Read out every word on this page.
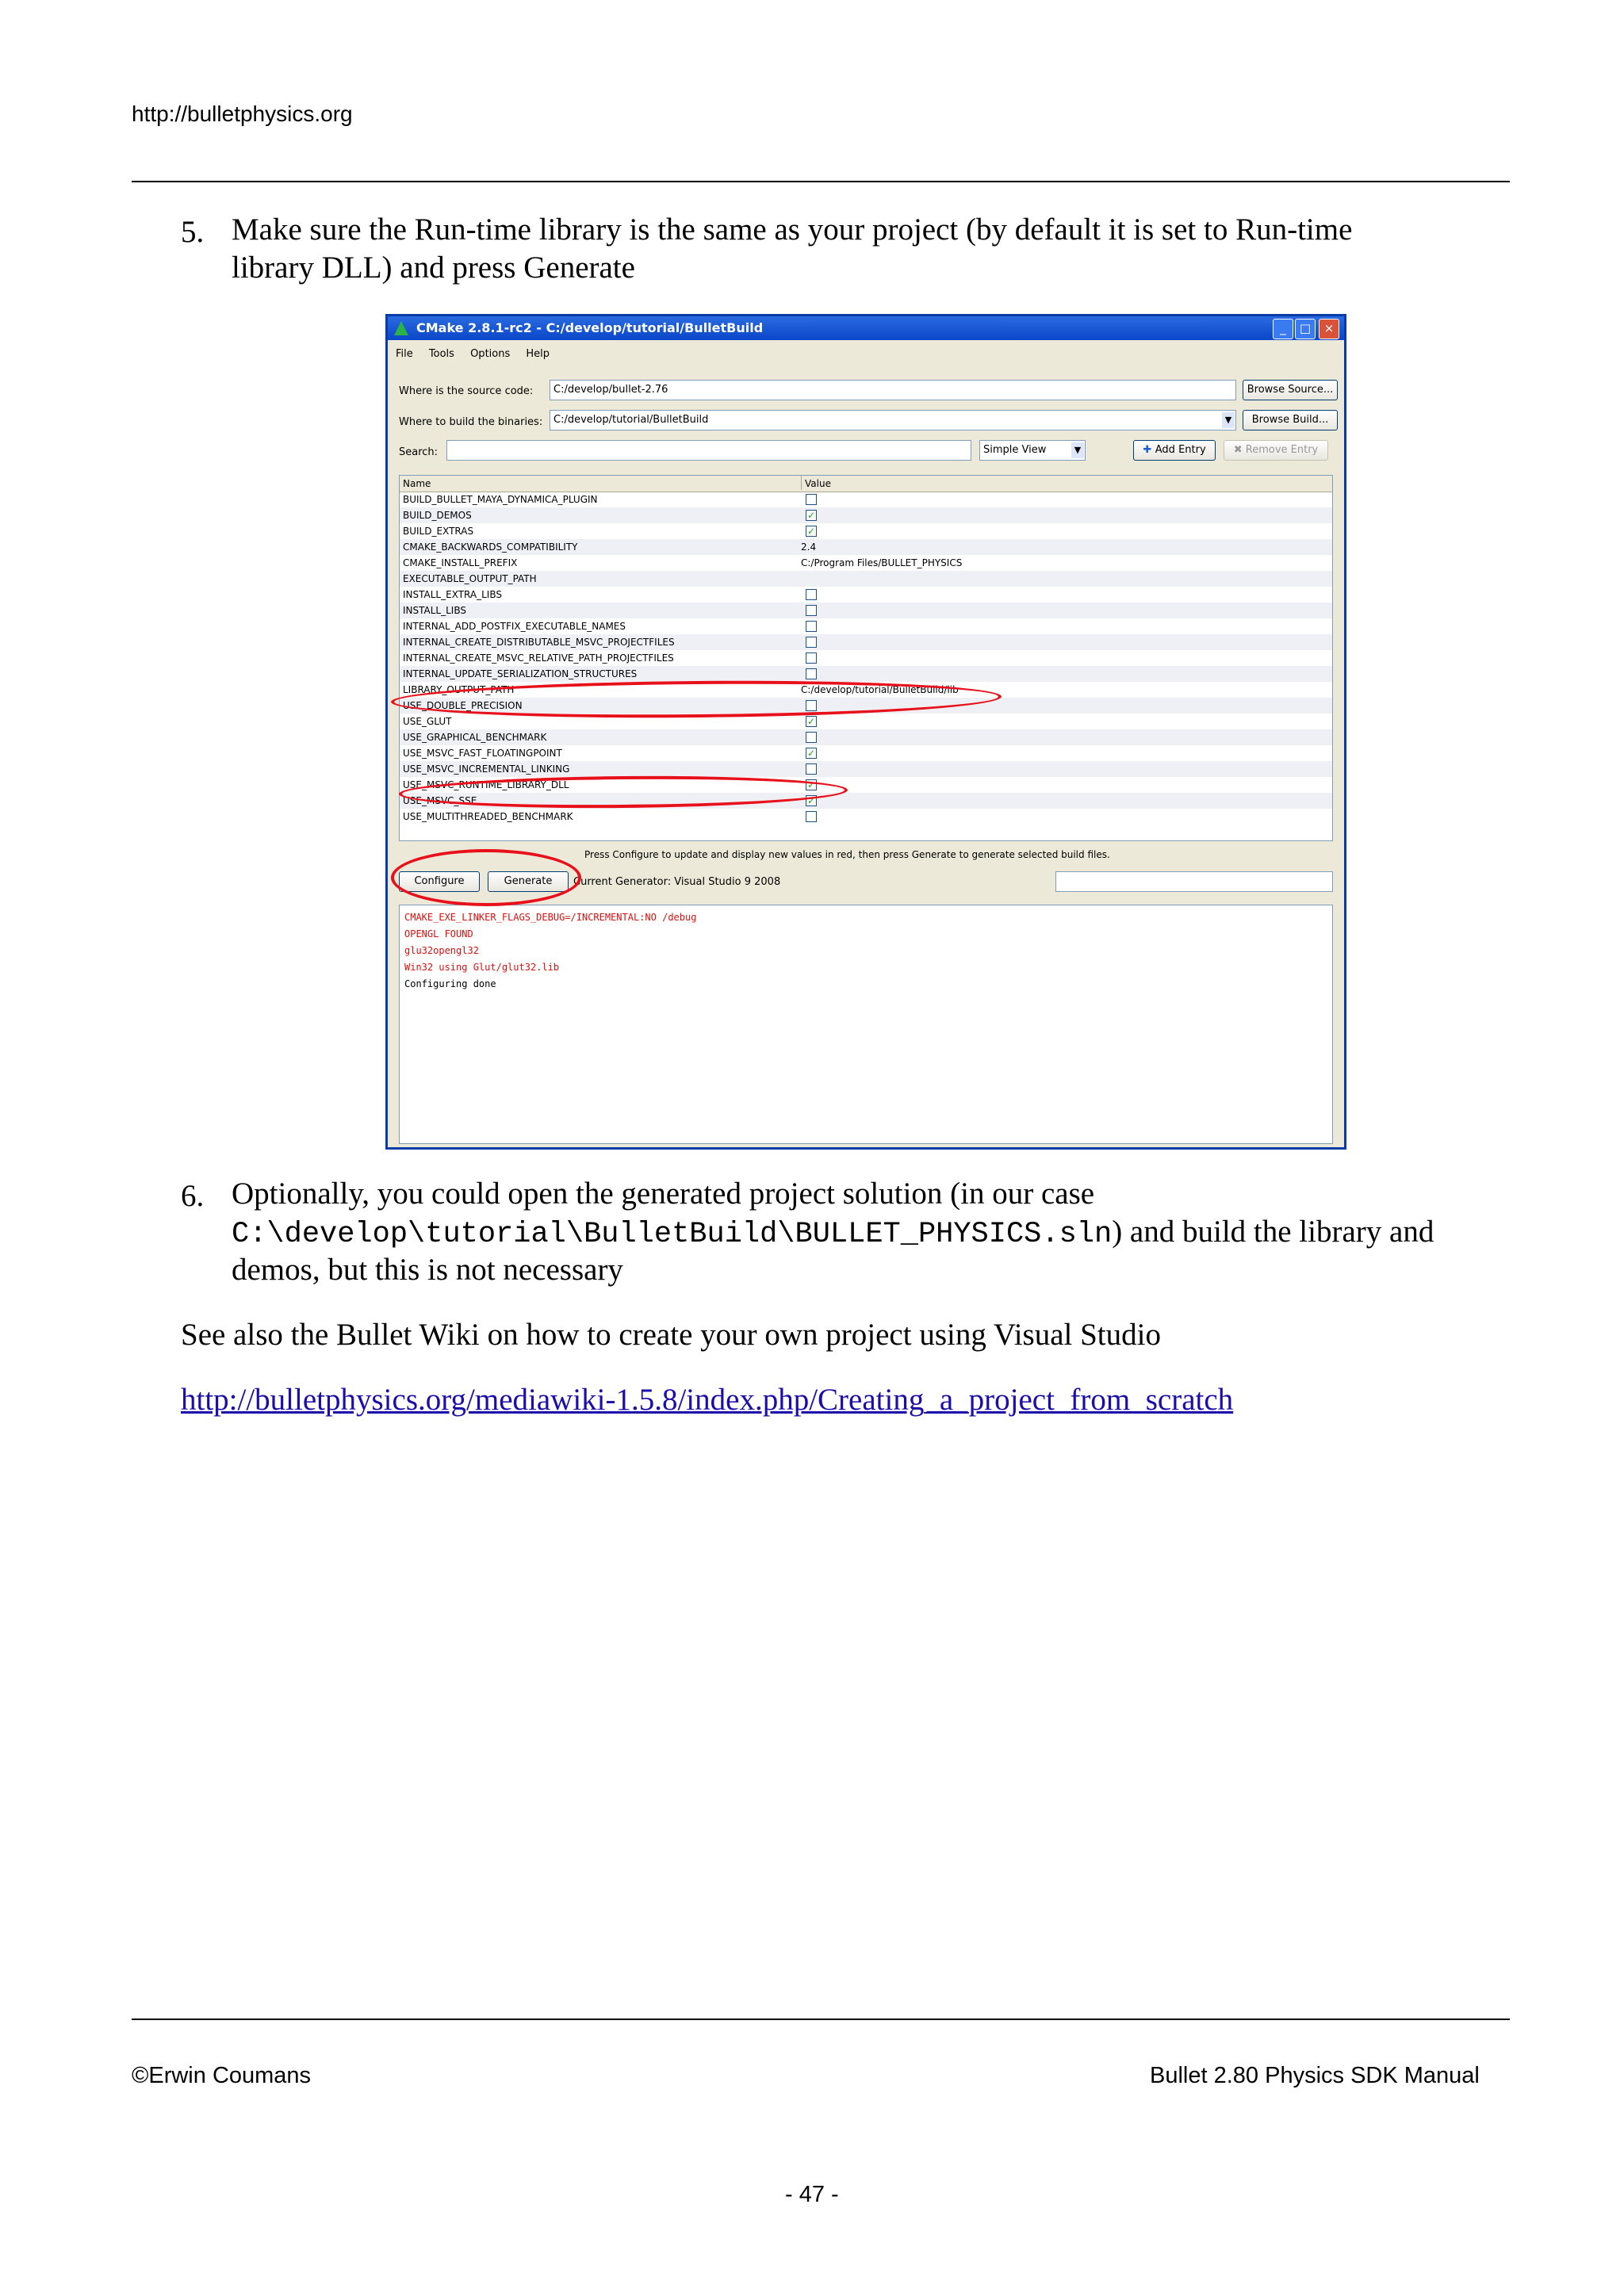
http://bulletphysics.org
5. Make sure the Run-time library is the same as your project (by default it is set to Run-time
library DLL) and press Generate
CMake 2.8.1-rc2 - C:/develop/tutorial/BulletBuild	_	□	×
File Tools Options Help
Where is the source code:	C:/develop/bullet-2.76	Browse Source...
Where to build the binaries:	C:/develop/tutorial/BulletBuild	▼	Browse Build...
Search:	Simple View	▼	✚ Add Entry	✖ Remove Entry
Name	Value
BUILD_BULLET_MAYA_DYNAMICA_PLUGIN
BUILD_DEMOS	✓
BUILD_EXTRAS	✓
CMAKE_BACKWARDS_COMPATIBILITY	2.4
CMAKE_INSTALL_PREFIX	C:/Program Files/BULLET_PHYSICS
EXECUTABLE_OUTPUT_PATH
INSTALL_EXTRA_LIBS
INSTALL_LIBS
INTERNAL_ADD_POSTFIX_EXECUTABLE_NAMES
INTERNAL_CREATE_DISTRIBUTABLE_MSVC_PROJECTFILES
INTERNAL_CREATE_MSVC_RELATIVE_PATH_PROJECTFILES
INTERNAL_UPDATE_SERIALIZATION_STRUCTURES
LIBRARY_OUTPUT_PATH	C:/develop/tutorial/BulletBuild/lib
USE_DOUBLE_PRECISION
USE_GLUT	✓
USE_GRAPHICAL_BENCHMARK
USE_MSVC_FAST_FLOATINGPOINT	✓
USE_MSVC_INCREMENTAL_LINKING
USE_MSVC_RUNTIME_LIBRARY_DLL	✓
USE_MSVC_SSE	✓
USE_MULTITHREADED_BENCHMARK
Press Configure to update and display new values in red, then press Generate to generate selected build files.
Configure	Generate	Current Generator: Visual Studio 9 2008
CMAKE_EXE_LINKER_FLAGS_DEBUG=/INCREMENTAL:NO /debug
OPENGL FOUND
glu32opengl32
Win32 using Glut/glut32.lib
Configuring done
6. Optionally, you could open the generated project solution (in our case
C:\develop\tutorial\BulletBuild\BULLET_PHYSICS.sln) and build the library and
demos, but this is not necessary
See also the Bullet Wiki on how to create your own project using Visual Studio
http://bulletphysics.org/mediawiki-1.5.8/index.php/Creating_a_project_from_scratch
©Erwin Coumans	Bullet 2.80 Physics SDK Manual
- 47 -
